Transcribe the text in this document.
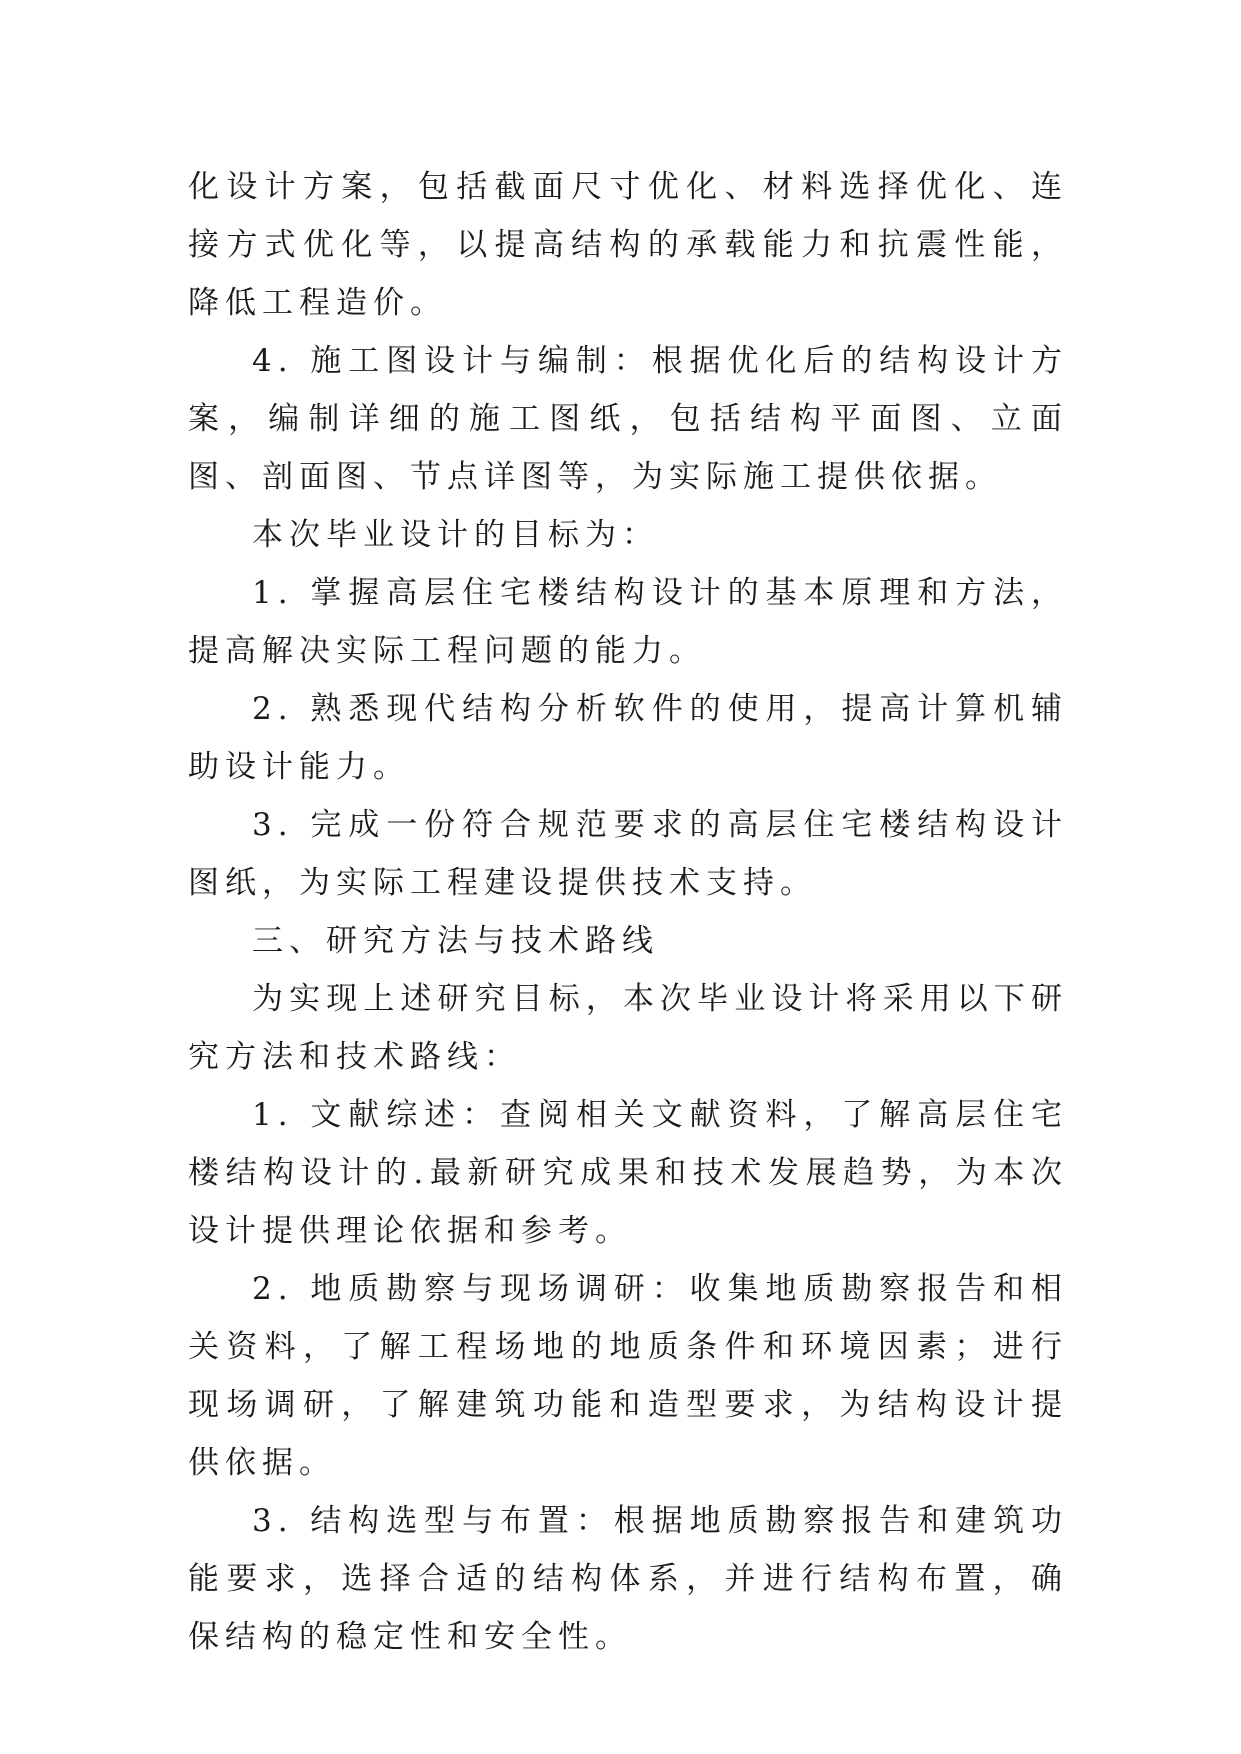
化设计方案，包括截面尺寸优化、材料选择优化、连接方式优化等，以提高结构的承载能力和抗震性能，降低工程造价。

4. 施工图设计与编制：根据优化后的结构设计方案，编制详细的施工图纸，包括结构平面图、立面图、剖面图、节点详图等，为实际施工提供依据。

本次毕业设计的目标为：

1. 掌握高层住宅楼结构设计的基本原理和方法，提高解决实际工程问题的能力。

2. 熟悉现代结构分析软件的使用，提高计算机辅助设计能力。

3. 完成一份符合规范要求的高层住宅楼结构设计图纸，为实际工程建设提供技术支持。

三、研究方法与技术路线

为实现上述研究目标，本次毕业设计将采用以下研究方法和技术路线：

1. 文献综述：查阅相关文献资料，了解高层住宅楼结构设计的.最新研究成果和技术发展趋势，为本次设计提供理论依据和参考。

2. 地质勘察与现场调研：收集地质勘察报告和相关资料，了解工程场地的地质条件和环境因素；进行现场调研，了解建筑功能和造型要求，为结构设计提供依据。

3. 结构选型与布置：根据地质勘察报告和建筑功能要求，选择合适的结构体系，并进行结构布置，确保结构的稳定性和安全性。
